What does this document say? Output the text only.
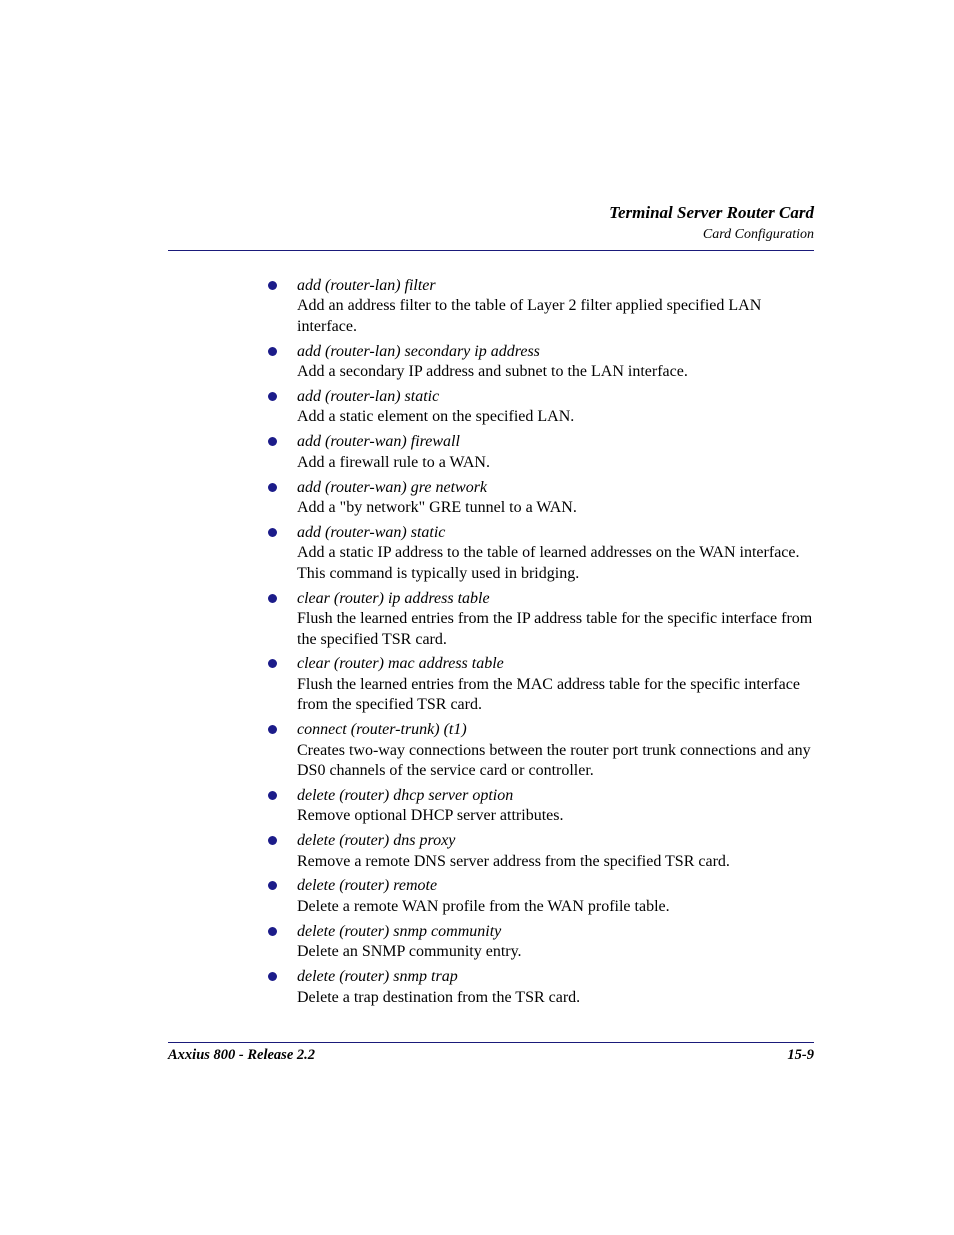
Terminal Server Router Card
Card Configuration
add (router-lan) filter
Add an address filter to the table of Layer 2 filter applied specified LAN interface.
add (router-lan) secondary ip address
Add a secondary IP address and subnet to the LAN interface.
add (router-lan) static
Add a static element on the specified LAN.
add (router-wan) firewall
Add a firewall rule to a WAN.
add (router-wan) gre network
Add a "by network" GRE tunnel to a WAN.
add (router-wan) static
Add a static IP address to the table of learned addresses on the WAN interface. This command is typically used in bridging.
clear (router) ip address table
Flush the learned entries from the IP address table for the specific interface from the specified TSR card.
clear (router) mac address table
Flush the learned entries from the MAC address table for the specific interface from the specified TSR card.
connect (router-trunk) (t1)
Creates two-way connections between the router port trunk connections and any DS0 channels of the service card or controller.
delete (router) dhcp server option
Remove optional DHCP server attributes.
delete (router) dns proxy
Remove a remote DNS server address from the specified TSR card.
delete (router) remote
Delete a remote WAN profile from the WAN profile table.
delete (router) snmp community
Delete an SNMP community entry.
delete (router) snmp trap
Delete a trap destination from the TSR card.
Axxius 800 - Release 2.2	15-9
